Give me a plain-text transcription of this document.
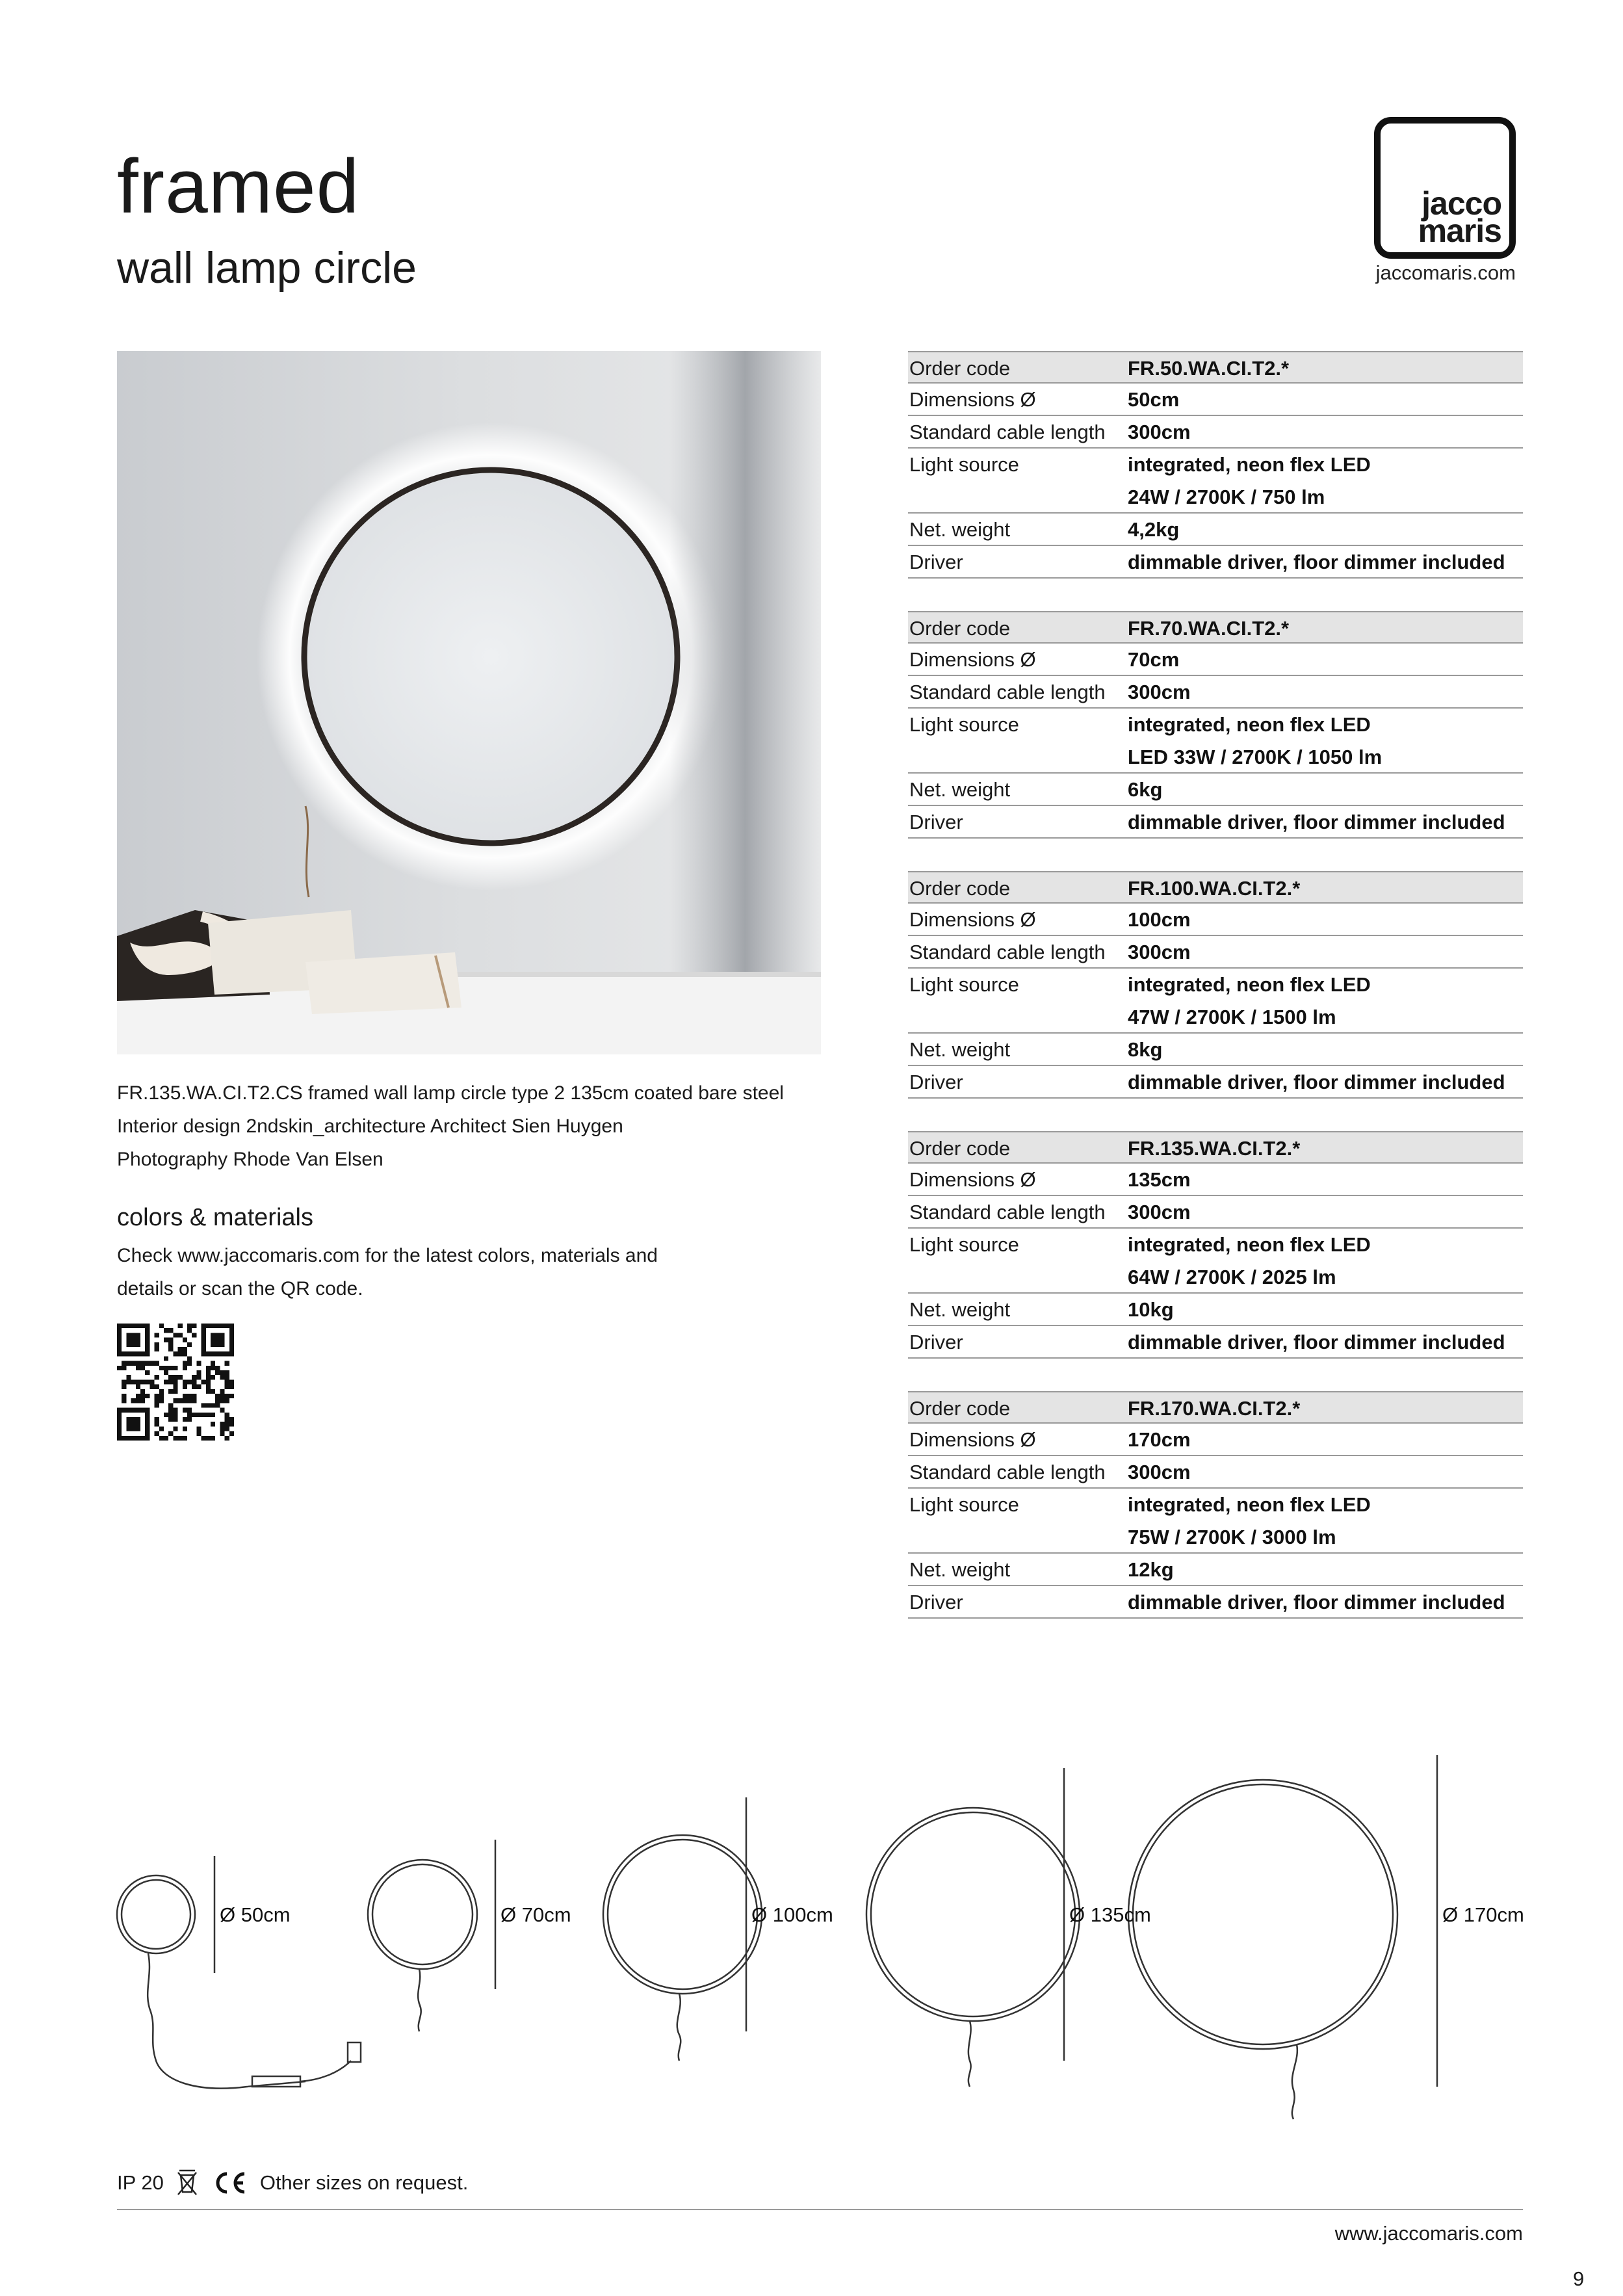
framed
wall lamp circle
jacco
maris
jaccomaris.com
FR.135.WA.CI.T2.CS framed wall lamp circle type 2 135cm coated bare steel
Interior design 2ndskin_architecture Architect Sien Huygen
Photography Rhode Van Elsen
colors & materials
Check www.jaccomaris.com for the latest colors, materials and
details or scan the QR code.
Order code	FR.50.WA.CI.T2.*
Dimensions Ø	50cm
Standard cable length	300cm
Light source	integrated, neon flex LED
24W / 2700K / 750 lm
Net. weight	4,2kg
Driver	dimmable driver, floor dimmer included
Order code	FR.70.WA.CI.T2.*
Dimensions Ø	70cm
Standard cable length	300cm
Light source	integrated, neon flex LED
LED 33W / 2700K / 1050 lm
Net. weight	6kg
Driver	dimmable driver, floor dimmer included
Order code	FR.100.WA.CI.T2.*
Dimensions Ø	100cm
Standard cable length	300cm
Light source	integrated, neon flex LED
47W / 2700K / 1500 lm
Net. weight	8kg
Driver	dimmable driver, floor dimmer included
Order code	FR.135.WA.CI.T2.*
Dimensions Ø	135cm
Standard cable length	300cm
Light source	integrated, neon flex LED
64W / 2700K / 2025 lm
Net. weight	10kg
Driver	dimmable driver, floor dimmer included
Order code	FR.170.WA.CI.T2.*
Dimensions Ø	170cm
Standard cable length	300cm
Light source	integrated, neon flex LED
75W / 2700K / 3000 lm
Net. weight	12kg
Driver	dimmable driver, floor dimmer included
Ø 50cm	Ø 70cm	Ø 100cm	Ø 135cm	Ø 170cm
IP 20	Other sizes on request.
www.jaccomaris.com
9
